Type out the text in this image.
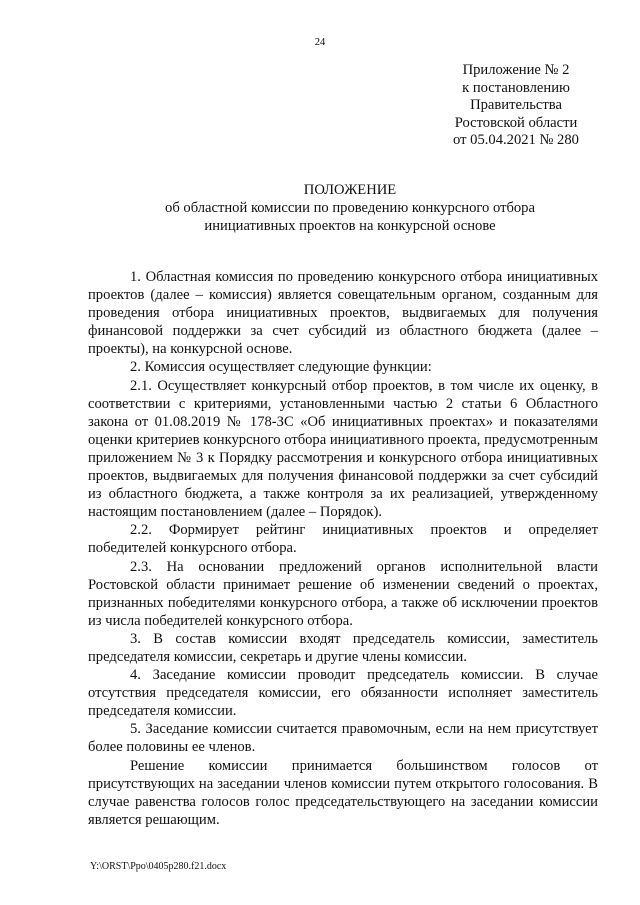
24
Приложение № 2
к постановлению
Правительства
Ростовской области
от 05.04.2021 № 280
ПОЛОЖЕНИЕ
об областной комиссии по проведению конкурсного отбора
инициативных проектов на конкурсной основе

1. Областная комиссия по проведению конкурсного отбора инициативных проектов (далее – комиссия) является совещательным органом, созданным для проведения отбора инициативных проектов, выдвигаемых для получения финансовой поддержки за счет субсидий из областного бюджета (далее – проекты), на конкурсной основе.

2. Комиссия осуществляет следующие функции:

2.1. Осуществляет конкурсный отбор проектов, в том числе их оценку, в соответствии с критериями, установленными частью 2 статьи 6 Областного закона от 01.08.2019 № 178-ЗС «Об инициативных проектах» и показателями оценки критериев конкурсного отбора инициативного проекта, предусмотренным приложением № 3 к Порядку рассмотрения и конкурсного отбора инициативных проектов, выдвигаемых для получения финансовой поддержки за счет субсидий из областного бюджета, а также контроля за их реализацией, утвержденному настоящим постановлением (далее – Порядок).

2.2. Формирует рейтинг инициативных проектов и определяет победителей конкурсного отбора.

2.3. На основании предложений органов исполнительной власти Ростовской области принимает решение об изменении сведений о проектах, признанных победителями конкурсного отбора, а также об исключении проектов из числа победителей конкурсного отбора.

3. В состав комиссии входят председатель комиссии, заместитель председателя комиссии, секретарь и другие члены комиссии.

4. Заседание комиссии проводит председатель комиссии. В случае отсутствия председателя комиссии, его обязанности исполняет заместитель председателя комиссии.

5. Заседание комиссии считается правомочным, если на нем присутствует более половины ее членов.

Решение комиссии принимается большинством голосов от присутствующих на заседании членов комиссии путем открытого голосования. В случае равенства голосов голос председательствующего на заседании комиссии является решающим.

Y:\ORST\Ppo\0405p280.f21.docx
